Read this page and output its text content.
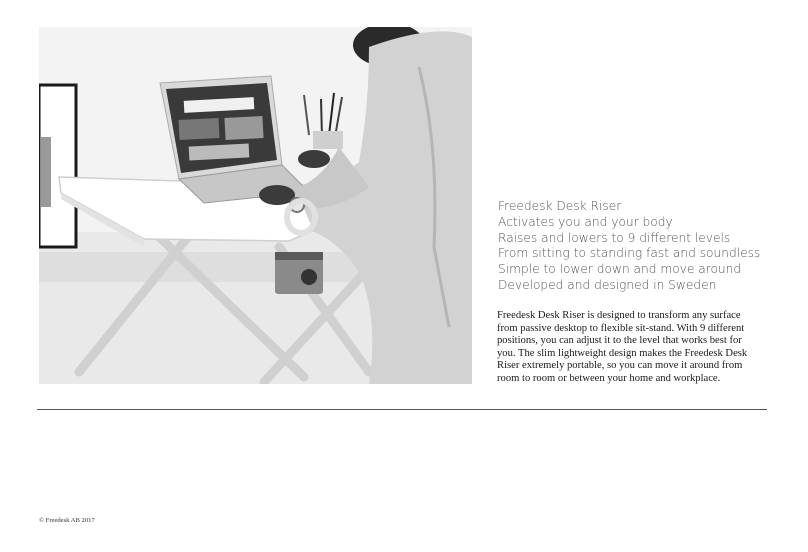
Freedesk Desk Riser
Activates you and your body
Raises and lowers to 9 different levels
From sitting to standing fast and soundless
Simple to lower down and move around
Developed and designed in Sweden
Freedesk Desk Riser is designed to transform any surface
from passive desktop to flexible sit-stand. With 9 different
positions, you can adjust it to the level that works best for
you. The slim lightweight design makes the Freedesk Desk
Riser extremely portable, so you can move it around from
room to room or between your home and workplace.
© Freedesk AB 2017
